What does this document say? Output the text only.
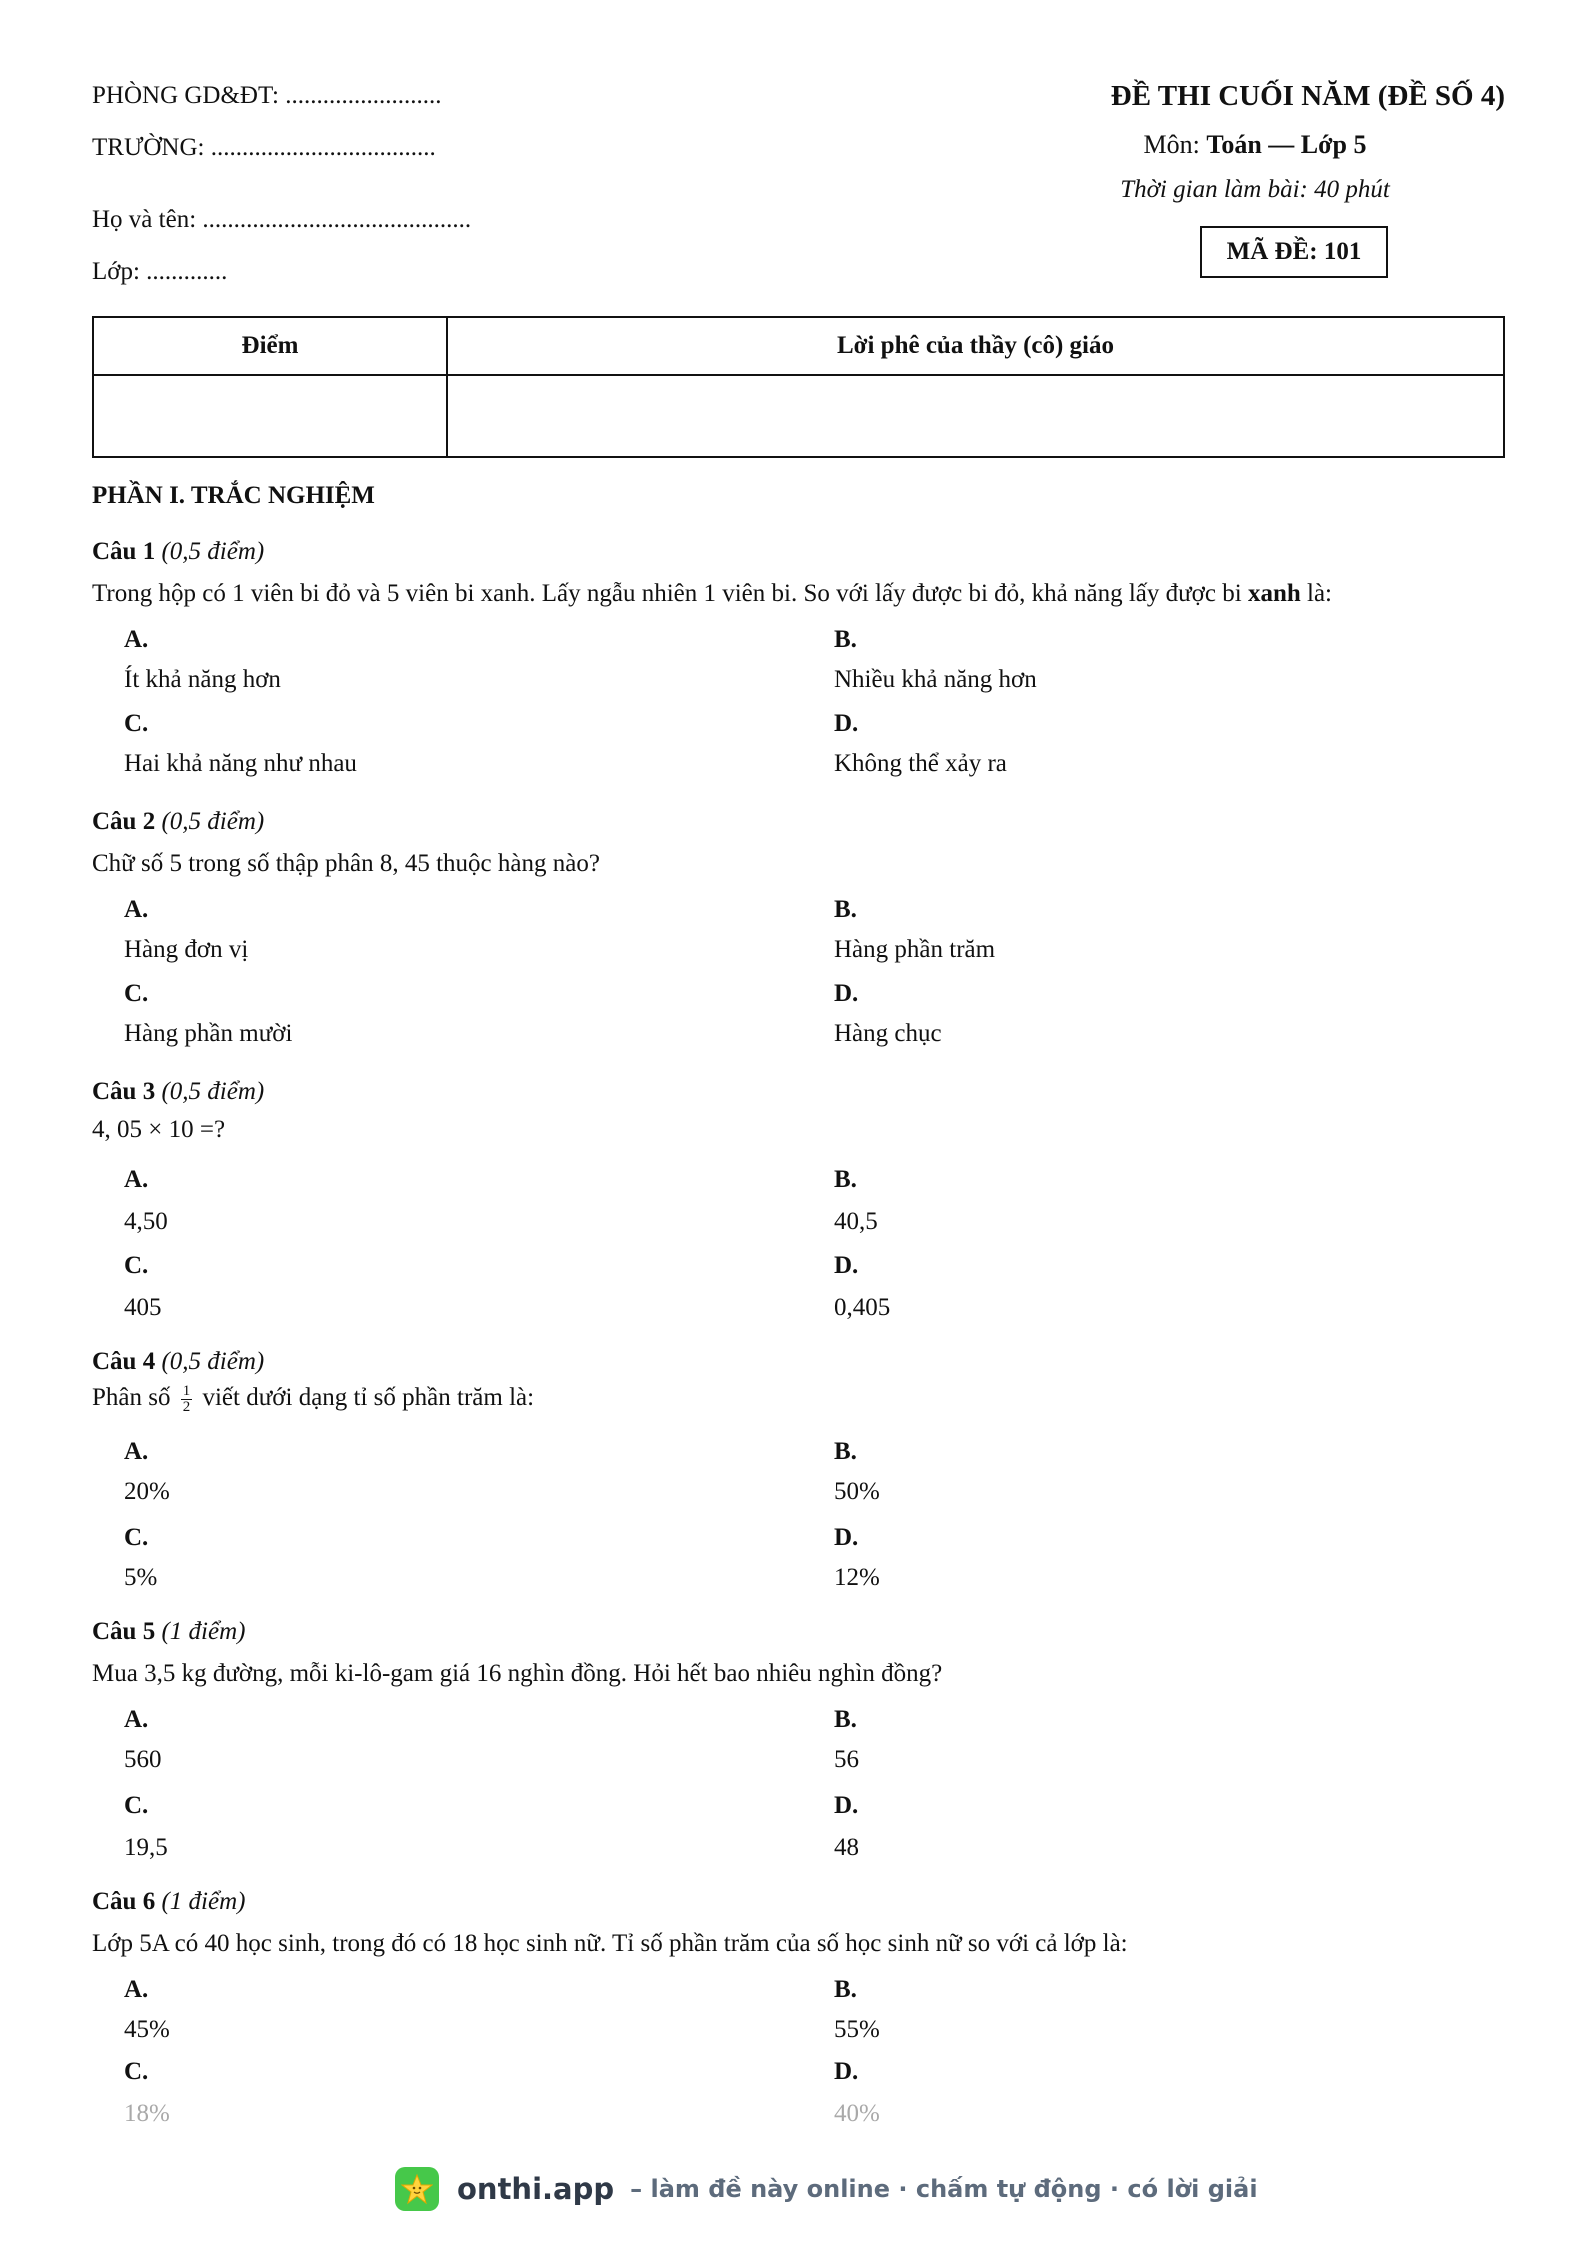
PHÒNG GD&ĐT: .........................
TRƯỜNG: ....................................
Họ và tên: ...........................................
Lớp: .............
ĐỀ THI CUỐI NĂM (ĐỀ SỐ 4)
Môn: Toán — Lớp 5
Thời gian làm bài: 40 phút
MÃ ĐỀ: 101
Điểm	Lời phê của thầy (cô) giáo

PHẦN I. TRẮC NGHIỆM
Câu 1 (0,5 điểm)
Trong hộp có 1 viên bi đỏ và 5 viên bi xanh. Lấy ngẫu nhiên 1 viên bi. So với lấy được bi đỏ, khả năng lấy được bi xanh là:
A.
Ít khả năng hơn
B.
Nhiều khả năng hơn
C.
Hai khả năng như nhau
D.
Không thể xảy ra
Câu 2 (0,5 điểm)
Chữ số 5 trong số thập phân 8, 45 thuộc hàng nào?
A.
Hàng đơn vị
B.
Hàng phần trăm
C.
Hàng phần mười
D.
Hàng chục
Câu 3 (0,5 điểm)
4, 05 × 10 =?
A.
4,50
B.
40,5
C.
405
D.
0,405
Câu 4 (0,5 điểm)
Phân số $\frac{1}{2}$ viết dưới dạng tỉ số phần trăm là:
A.
20%
B.
50%
C.
5%
D.
12%
Câu 5 (1 điểm)
Mua 3,5 kg đường, mỗi ki-lô-gam giá 16 nghìn đồng. Hỏi hết bao nhiêu nghìn đồng?
A.
560
B.
56
C.
19,5
D.
48
Câu 6 (1 điểm)
Lớp 5A có 40 học sinh, trong đó có 18 học sinh nữ. Tỉ số phần trăm của số học sinh nữ so với cả lớp là:
A.
45%
B.
55%
C.
18%
D.
40%
onthi.app – làm đề này online · chấm tự động · có lời giải
